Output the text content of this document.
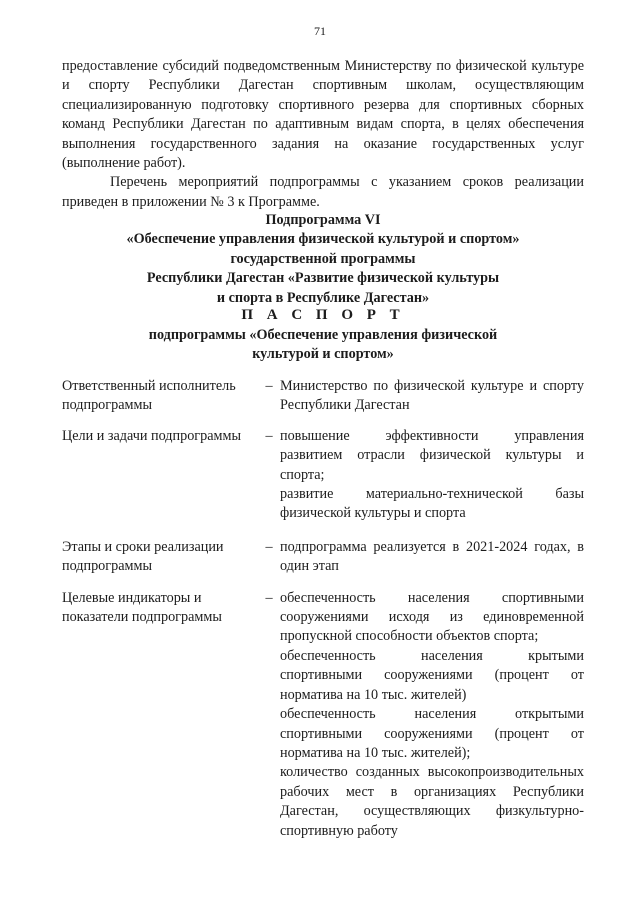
71

предоставление субсидий подведомственным Министерству по физической культуре и спорту Республики Дагестан спортивным школам, осуществляющим специализированную подготовку спортивного резерва для спортивных сборных команд Республики Дагестан по адаптивным видам спорта, в целях обеспечения выполнения государственного задания на оказание государственных услуг (выполнение работ).

Перечень мероприятий подпрограммы с указанием сроков реализации приведен в приложении № 3 к Программе.

Подпрограмма VI
«Обеспечение управления физической культурой и спортом»
государственной программы
Республики Дагестан «Развитие физической культуры
и спорта в Республике Дагестан»
П А С П О Р Т
подпрограммы «Обеспечение управления физической
культурой и спортом»
Ответственный исполнитель подпрограммы
– Министерство по физической культуре и спорту Республики Дагестан
Цели и задачи подпрограммы	– повышение эффективности управления развитием отрасли физической культуры и спорта;
развитие материально-технической базы физической культуры и спорта
Этапы и сроки реализации подпрограммы
– подпрограмма реализуется в 2021-2024 годах, в один этап
Целевые индикаторы и показатели подпрограммы
– обеспеченность населения спортивными сооружениями исходя из единовременной пропускной способности объектов спорта;
обеспеченность населения крытыми спортивными сооружениями (процент от норматива на 10 тыс. жителей)
обеспеченность населения открытыми спортивными сооружениями (процент от норматива на 10 тыс. жителей);
количество созданных высокопроизводительных рабочих мест в организациях Республики Дагестан, осуществляющих физкультурно-спортивную работу
